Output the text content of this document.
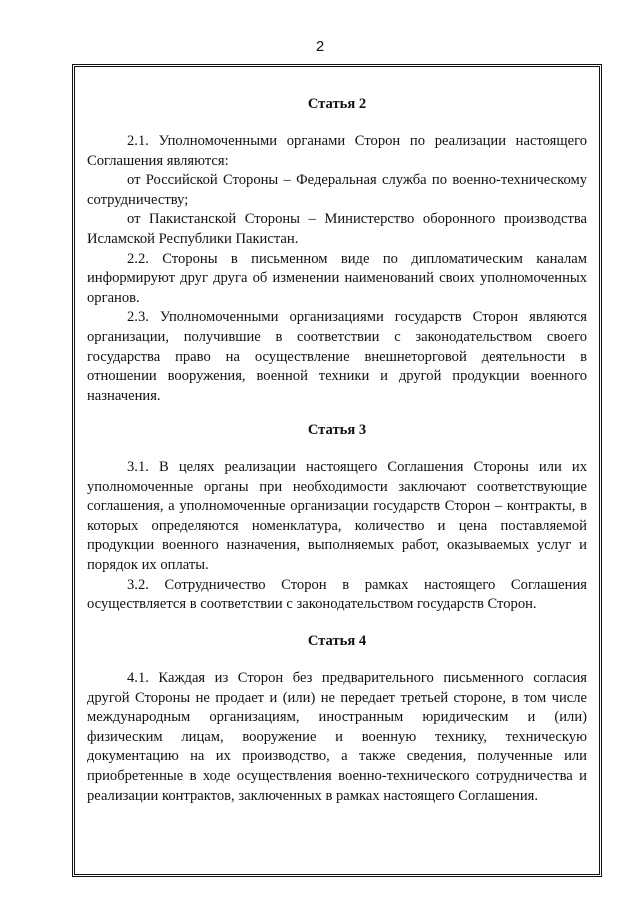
2
Статья 2

2.1. Уполномоченными органами Сторон по реализации настоящего Соглашения являются:

от Российской Стороны – Федеральная служба по военно-техническому сотрудничеству;

от Пакистанской Стороны – Министерство оборонного производства Исламской Республики Пакистан.

2.2. Стороны в письменном виде по дипломатическим каналам информируют друг друга об изменении наименований своих уполномоченных органов.

2.3. Уполномоченными организациями государств Сторон являются организации, получившие в соответствии с законодательством своего государства право на осуществление внешнеторговой деятельности в отношении вооружения, военной техники и другой продукции военного назначения.

Статья 3

3.1. В целях реализации настоящего Соглашения Стороны или их уполномоченные органы при необходимости заключают соответствующие соглашения, а уполномоченные организации государств Сторон – контракты, в которых определяются номенклатура, количество и цена поставляемой продукции военного назначения, выполняемых работ, оказываемых услуг и порядок их оплаты.

3.2. Сотрудничество Сторон в рамках настоящего Соглашения осуществляется в соответствии с законодательством государств Сторон.

Статья 4

4.1. Каждая из Сторон без предварительного письменного согласия другой Стороны не продает и (или) не передает третьей стороне, в том числе международным организациям, иностранным юридическим и (или) физическим лицам, вооружение и военную технику, техническую документацию на их производство, а также сведения, полученные или приобретенные в ходе осуществления военно-технического сотрудничества и реализации контрактов, заключенных в рамках настоящего Соглашения.
